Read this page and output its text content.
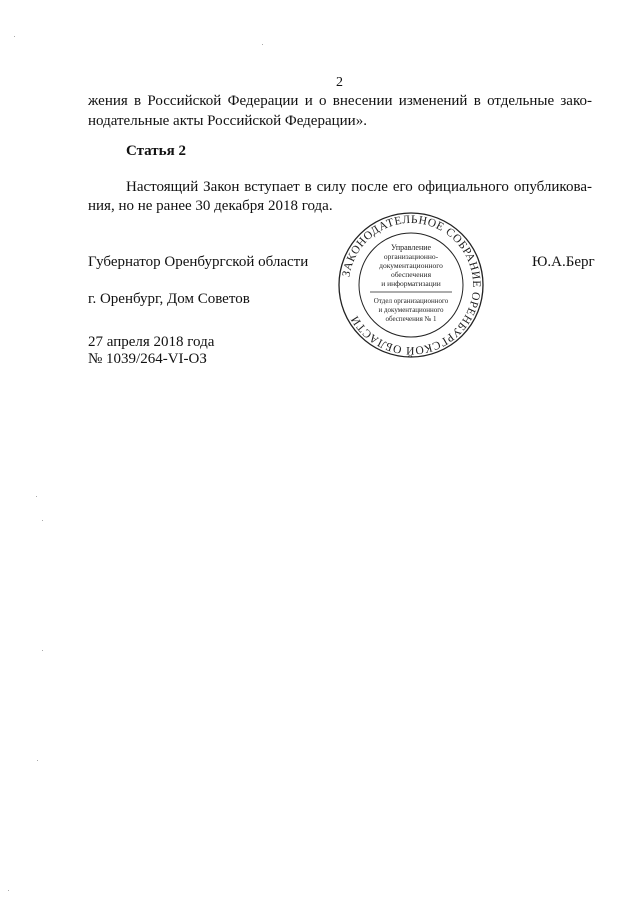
2
жения в Российской Федерации и о внесении изменений в отдельные зако-
нодательные акты Российской Федерации».
Статья 2
Настоящий Закон вступает в силу после его официального опубликова-
ния, но не ранее 30 декабря 2018 года.
Губернатор Оренбургской области	Ю.А.Берг
г. Оренбург, Дом Советов
27 апреля 2018 года
№ 1039/264-VI-ОЗ
ЗАКОНОДАТЕЛЬНОЕ СОБРАНИЕ ОРЕНБУРГСКОЙ ОБЛАСТИ
Управление
организационно-
документационного
обеспечения
и информатизации
Отдел организационного
и документационного
обеспечения № 1
